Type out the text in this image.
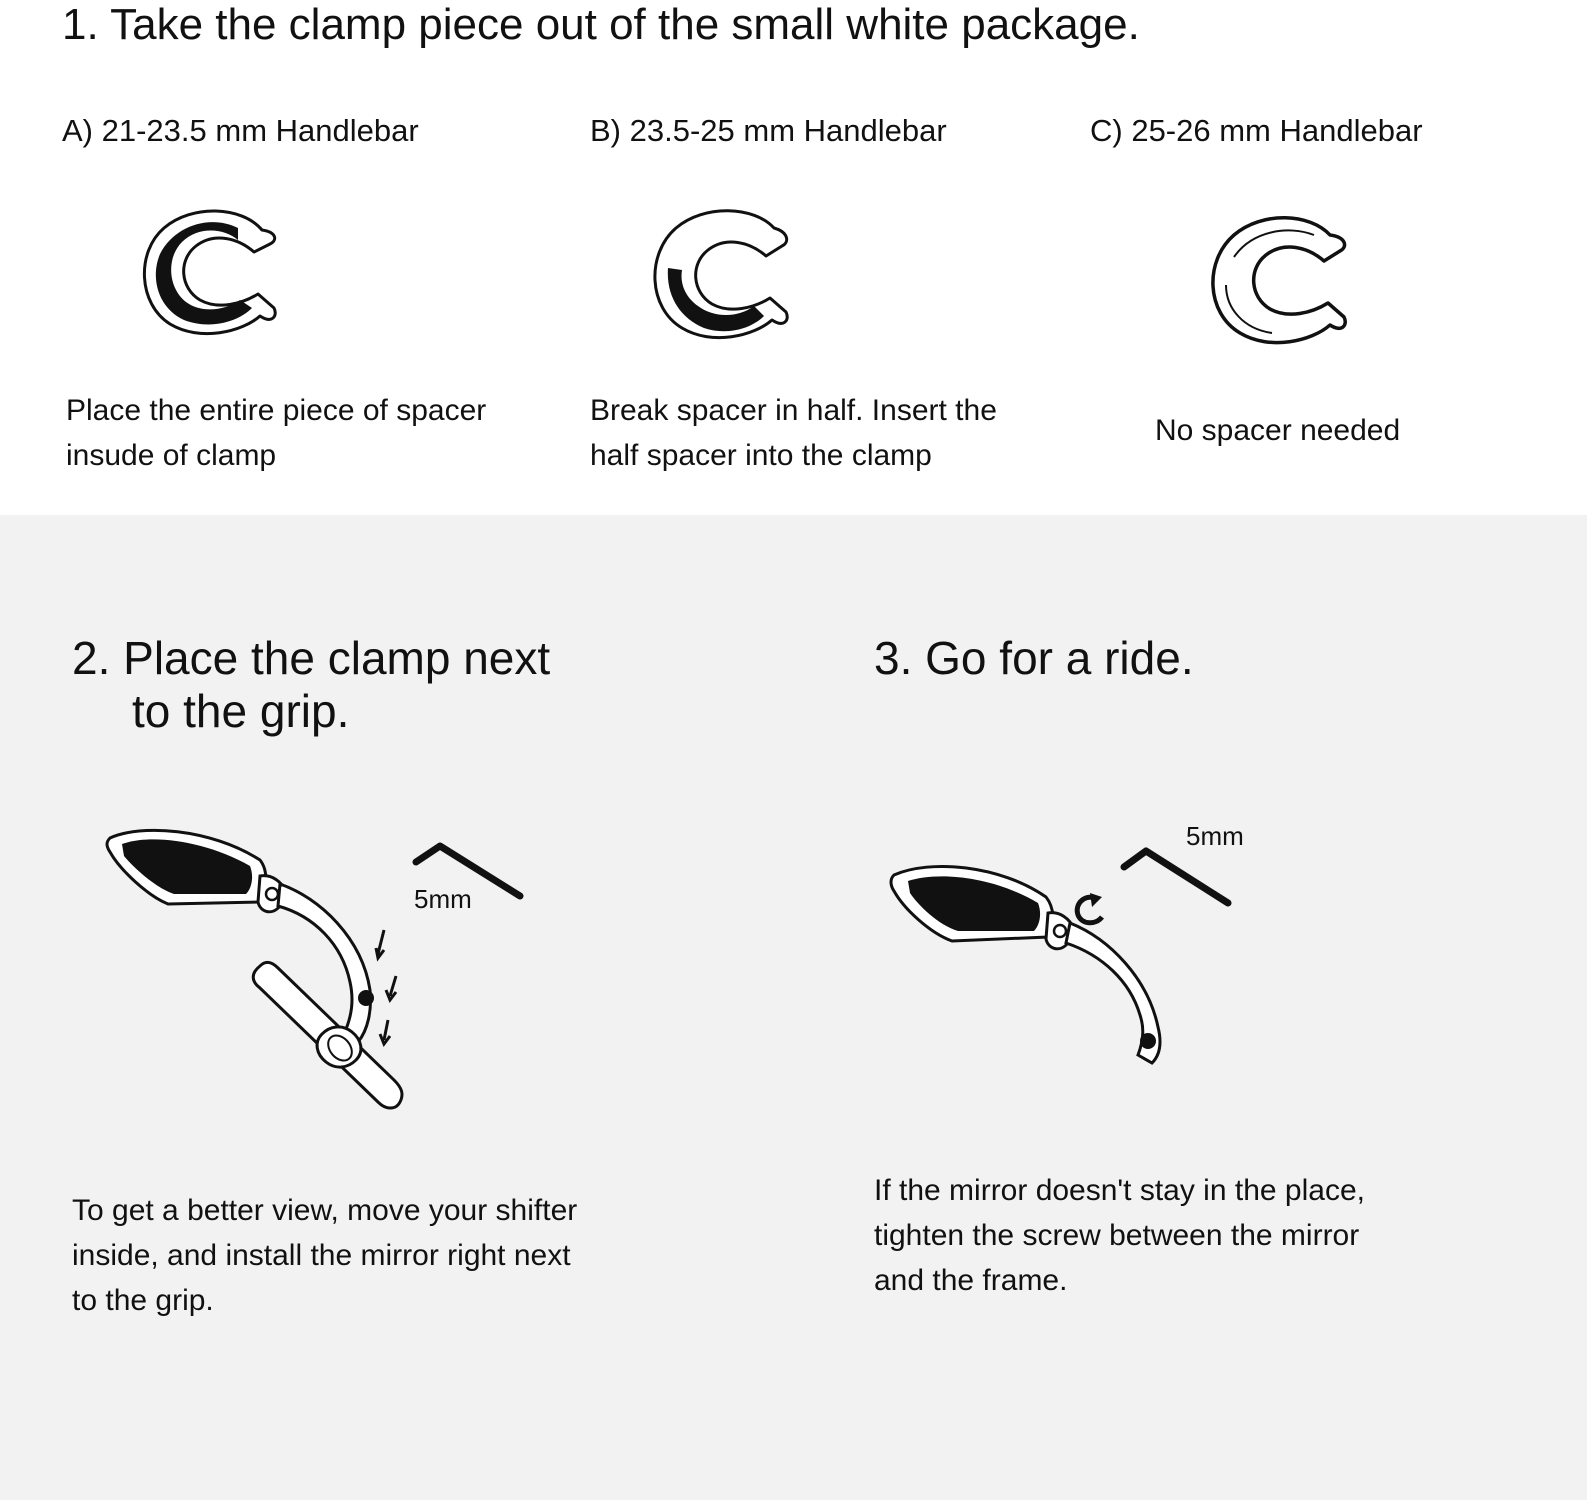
1. Take the clamp piece out of the small white package.
A) 21-23.5 mm Handlebar	B) 23.5-25 mm Handlebar	C) 25-26 mm Handlebar
Place the entire piece of spacer
insude of clamp
Break spacer in half. Insert the
half spacer into the clamp
No spacer needed
2. Place the clamp next
to the grip.
5mm
To get a better view, move your shifter
inside, and install the mirror right next
to the grip.
3. Go for a ride.
5mm
If the mirror doesn't stay in the place,
tighten the screw between the mirror
and the frame.
